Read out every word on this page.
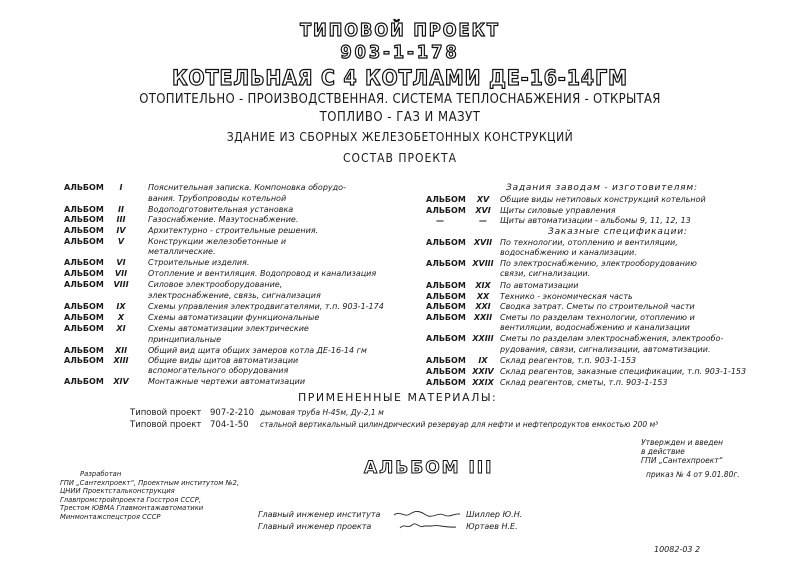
ТИПОВОЙ ПРОЕКТ
903-1-178
КОТЕЛЬНАЯ С 4 КОТЛАМИ ДЕ-16-14ГМ
ОТОПИТЕЛЬНО - ПРОИЗВОДСТВЕННАЯ. СИСТЕМА ТЕПЛОСНАБЖЕНИЯ - ОТКРЫТАЯ
ТОПЛИВО - ГАЗ И МАЗУТ
ЗДАНИЕ ИЗ СБОРНЫХ ЖЕЛЕЗОБЕТОННЫХ КОНСТРУКЦИЙ
СОСТАВ ПРОЕКТА
АЛЬБОМ	I	Пояснительная записка. Компоновка оборудо-
вания. Трубопроводы котельной
АЛЬБОМ	II	Водоподготовительная установка
АЛЬБОМ	III	Газоснабжение. Мазутоснабжение.
АЛЬБОМ	IV	Архитектурно - строительные решения.
АЛЬБОМ	V	Конструкции железобетонные и
металлические.
АЛЬБОМ	VI	Строительные изделия.
АЛЬБОМ	VII	Отопление и вентиляция. Водопровод и канализация
АЛЬБОМ	VIII	Силовое электрооборудование,
электроснабжение, связь, сигнализация
АЛЬБОМ	IX	Схемы управления электродвигателями, т.п. 903-1-174
АЛЬБОМ	X	Схемы автоматизации функциональные
АЛЬБОМ	XI	Схемы автоматизации электрические
принципиальные
АЛЬБОМ	XII	Общий вид щита общих замеров котла ДЕ-16-14 гм
АЛЬБОМ	XIII	Общие виды щитов автоматизации
вспомогательного оборудования
АЛЬБОМ	XIV	Монтажные чертежи автоматизации
Задания заводам - изготовителям:
АЛЬБОМ	XV	Общие виды нетиповых конструкций котельной
АЛЬБОМ	XVI	Щиты силовые управления
—	—	Щиты автоматизации - альбомы 9, 11, 12, 13
Заказные спецификации:
АЛЬБОМ XVII По технологии, отоплению и вентиляции,
водоснабжению и канализации.
АЛЬБОМ XVIII По электроснабжению, электрооборудованию
связи, сигнализации.
АЛЬБОМ	XIX	По автоматизации
АЛЬБОМ	XX	Технико - экономическая часть
АЛЬБОМ	XXI	Сводка затрат. Сметы по строительной части
АЛЬБОМ XXII Сметы по разделам технологии, отоплению и
вентиляции, водоснабжению и канализации
АЛЬБОМ XXIII Сметы по разделам электроснабжения, электрообо-
рудования, связи, сигнализации, автоматизации.
АЛЬБОМ	IX	Склад реагентов, т.п. 903-1-153
АЛЬБОМ XXIV Склад реагентов, заказные спецификации, т.п. 903-1-153
АЛЬБОМ XXIX Склад реагентов, сметы, т.п. 903-1-153
ПРИМЕНЕННЫЕ МАТЕРИАЛЫ:
Типовой проект 907-2-210 дымовая труба Н-45м, Ду-2,1 м
Типовой проект 704-1-50 стальной вертикальный цилиндрический резервуар для нефти и нефтепродуктов емкостью 200 м³
Утвержден и введен
в действие
ГПИ „Сантехпроект“
приказ № 4 от 9.01.80г.
АЛЬБОМ III
Разработан
ГПИ „Сантехпроект“, Проектным институтом №2,
ЦНИИ Проектстальконструкция
Главпромстройпроекта Госстроя СССР,
Трестом ЮВМА Главмонтажавтоматики
Минмонтажспецстроя СССР	Главный инженер института	Шиллер Ю.Н.
Главный инженер проекта	Юртаев Н.Е.
10082-03 2
